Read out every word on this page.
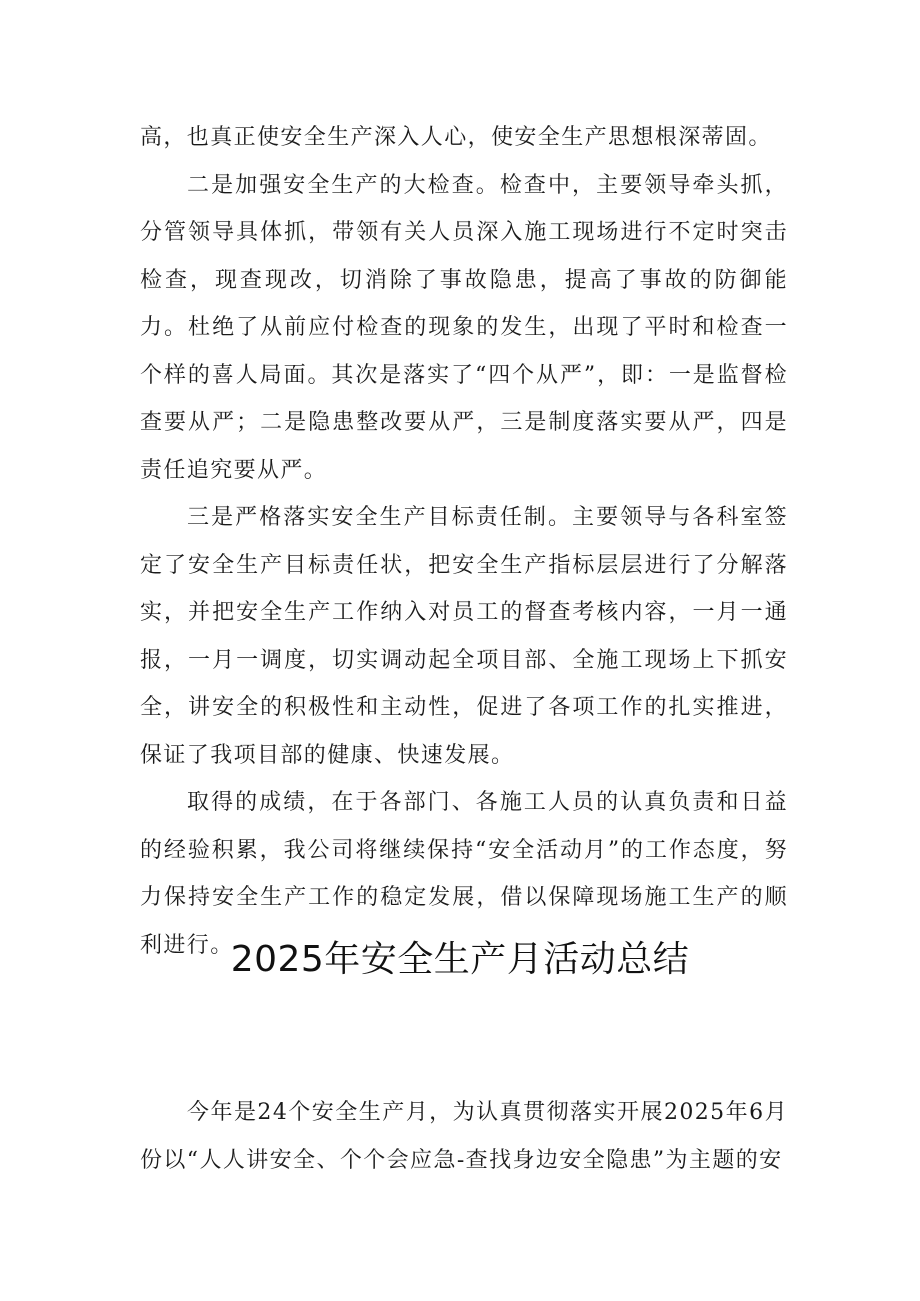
高，也真正使安全生产深入人心，使安全生产思想根深蒂固。

二是加强安全生产的大检查。检查中，主要领导牵头抓，分管领导具体抓，带领有关人员深入施工现场进行不定时突击检查，现查现改，切消除了事故隐患，提高了事故的防御能力。杜绝了从前应付检查的现象的发生，出现了平时和检查一个样的喜人局面。其次是落实了“四个从严”，即：一是监督检查要从严；二是隐患整改要从严，三是制度落实要从严，四是责任追究要从严。

三是严格落实安全生产目标责任制。主要领导与各科室签定了安全生产目标责任状，把安全生产指标层层进行了分解落实，并把安全生产工作纳入对员工的督查考核内容，一月一通报，一月一调度，切实调动起全项目部、全施工现场上下抓安全，讲安全的积极性和主动性，促进了各项工作的扎实推进，保证了我项目部的健康、快速发展。

取得的成绩，在于各部门、各施工人员的认真负责和日益的经验积累，我公司将继续保持“安全活动月”的工作态度，努力保持安全生产工作的稳定发展，借以保障现场施工生产的顺利进行。

2025年安全生产月活动总结

今年是24个安全生产月，为认真贯彻落实开展2025年6月份以“人人讲安全、个个会应急-查找身边安全隐患”为主题的安
